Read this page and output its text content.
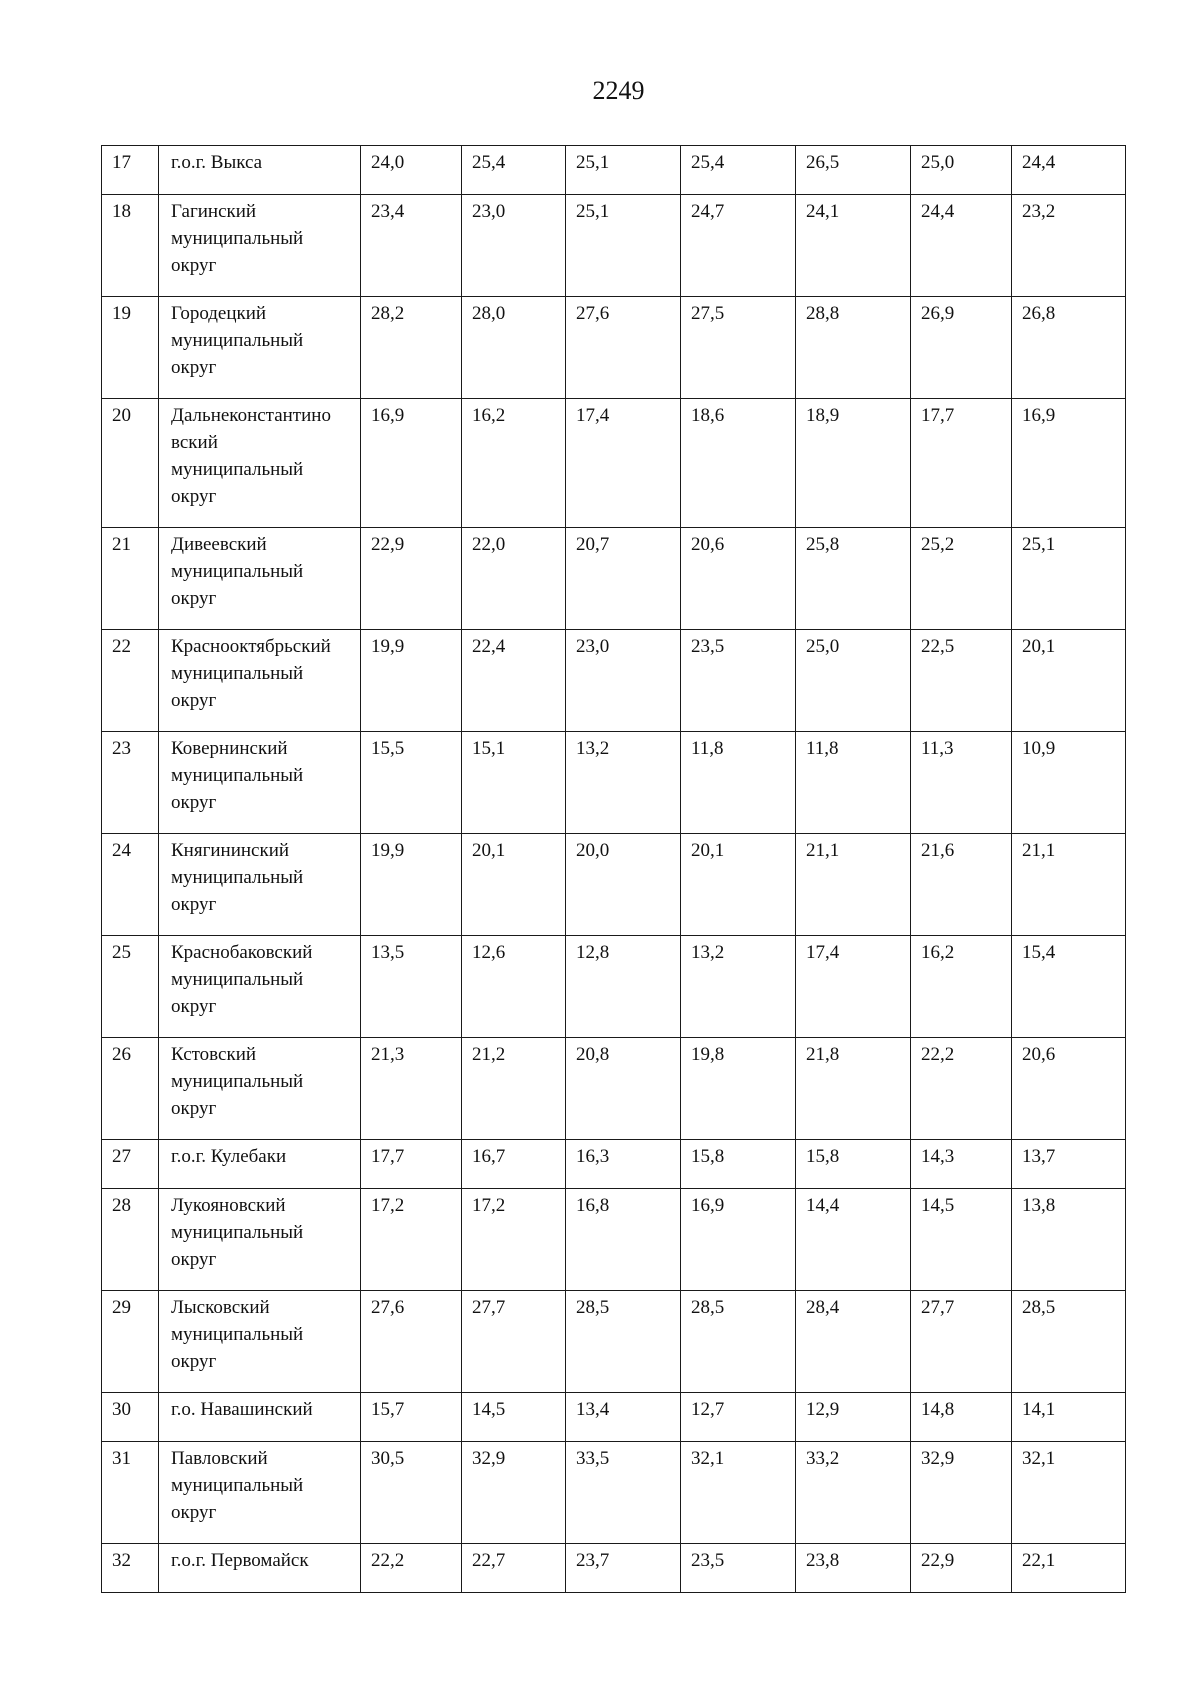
2249
17	г.о.г. Выкса	24,0	25,4	25,1	25,4	26,5	25,0	24,4
18	Гагинский
муниципальный
округ	23,4	23,0	25,1	24,7	24,1	24,4	23,2
19	Городецкий
муниципальный
округ	28,2	28,0	27,6	27,5	28,8	26,9	26,8
20	Дальнеконстантино
вский
муниципальный
округ	16,9	16,2	17,4	18,6	18,9	17,7	16,9
21	Дивеевский
муниципальный
округ	22,9	22,0	20,7	20,6	25,8	25,2	25,1
22	Краснооктябрьский
муниципальный
округ	19,9	22,4	23,0	23,5	25,0	22,5	20,1
23	Ковернинский
муниципальный
округ	15,5	15,1	13,2	11,8	11,8	11,3	10,9
24	Княгининский
муниципальный
округ	19,9	20,1	20,0	20,1	21,1	21,6	21,1
25	Краснобаковский
муниципальный
округ	13,5	12,6	12,8	13,2	17,4	16,2	15,4
26	Кстовский
муниципальный
округ	21,3	21,2	20,8	19,8	21,8	22,2	20,6
27	г.о.г. Кулебаки	17,7	16,7	16,3	15,8	15,8	14,3	13,7
28	Лукояновский
муниципальный
округ	17,2	17,2	16,8	16,9	14,4	14,5	13,8
29	Лысковский
муниципальный
округ	27,6	27,7	28,5	28,5	28,4	27,7	28,5
30	г.о. Навашинский	15,7	14,5	13,4	12,7	12,9	14,8	14,1
31	Павловский
муниципальный
округ	30,5	32,9	33,5	32,1	33,2	32,9	32,1
32	г.о.г. Первомайск	22,2	22,7	23,7	23,5	23,8	22,9	22,1
